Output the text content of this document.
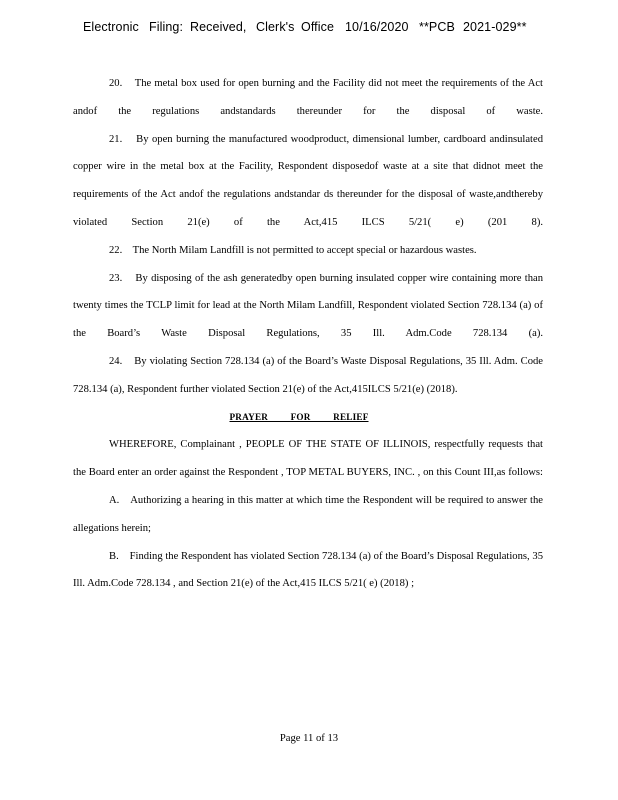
Electronic Filing: Received, Clerk's Office 10/16/2020 **PCB 2021-029**

20.    The metal box used for open burning and the Facility did not meet the requirements of the Act andof the regulations andstandards thereunder for the disposal of waste.

21.    By open burning the manufactured woodproduct, dimensional lumber, cardboard andinsulated copper wire in the metal box at the Facility, Respondent disposedof waste at a site that didnot meet the requirements of the Act andof the regulations andstandar ds thereunder for the disposal of waste,andthereby violated Section 21(e) of the Act,415 ILCS 5/21( e) (201 8).

22.    The North Milam Landfill is not permitted to accept special or hazardous wastes.

23.    By disposing of the ash generatedby open burning insulated copper wire containing more than twenty times the TCLP limit for lead at the North Milam Landfill, Respondent violated Section 728.134 (a) of the Board’s Waste Disposal Regulations, 35 Ill. Adm.Code 728.134 (a).

24.    By violating Section 728.134 (a) of the Board’s Waste Disposal Regulations, 35 Ill. Adm. Code 728.134 (a), Respondent further violated Section 21(e) of the Act,415ILCS 5/21(e) (2018).

PRAYER FOR RELIEF

WHEREFORE, Complainant , PEOPLE OF THE STATE OF ILLINOIS, respectfully requests that the Board enter an order against the Respondent , TOP METAL BUYERS, INC. , on this Count III,as follows:

A.    Authorizing a hearing in this matter at which time the Respondent will be required to answer the allegations herein;

B.    Finding the Respondent has violated Section 728.134 (a) of the Board’s Disposal Regulations, 35 Ill. Adm.Code 728.134 , and Section 21(e) of the Act,415 ILCS 5/21( e) (2018) ;

Page 11 of 13
